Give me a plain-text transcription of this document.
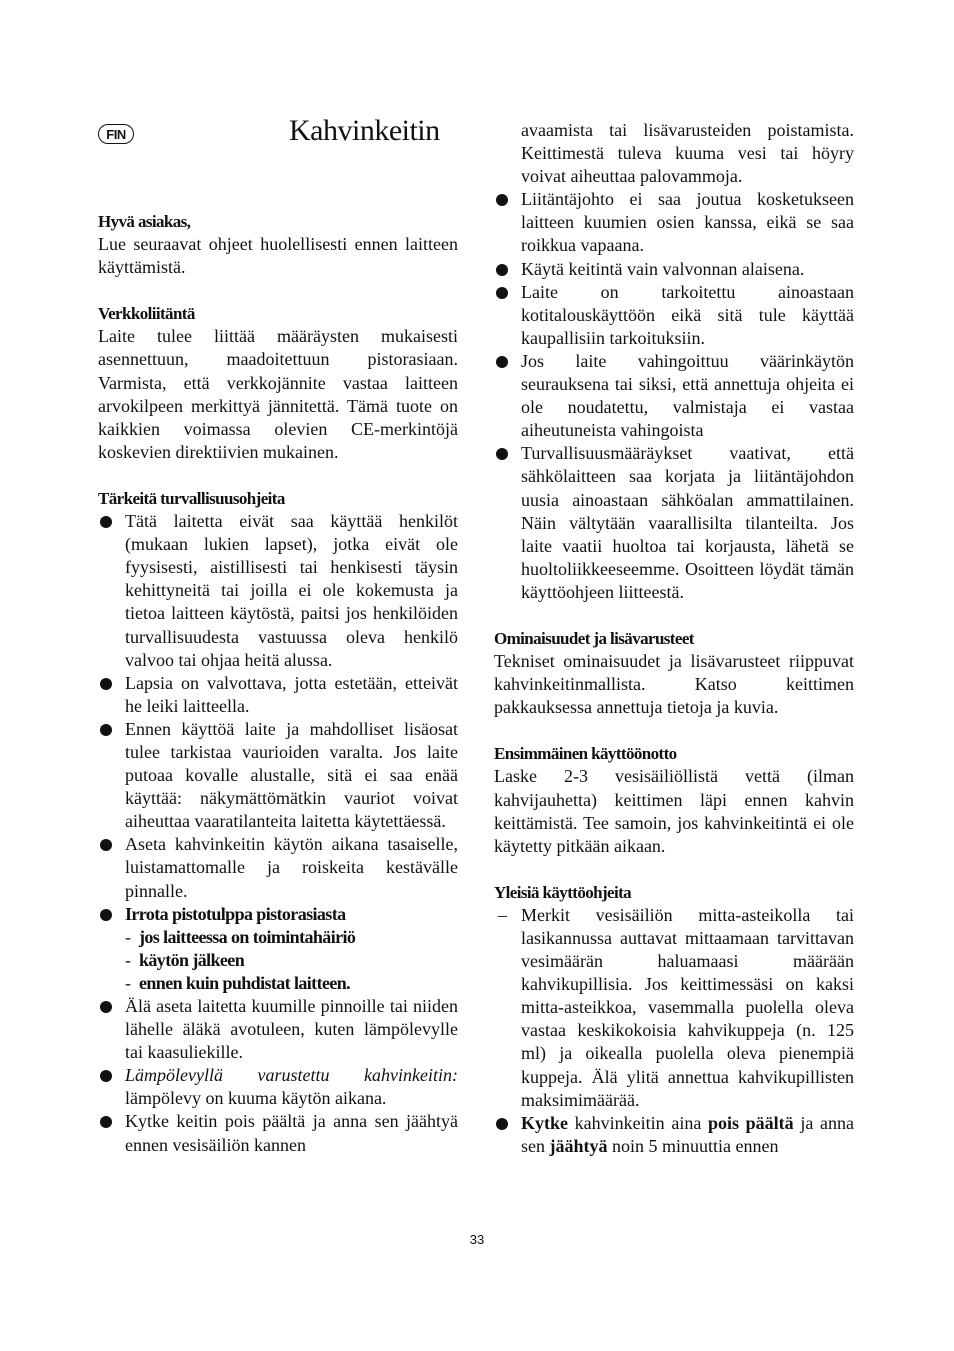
FIN	Kahvinkeitin
Hyvä asiakas,
Lue seuraavat ohjeet huolellisesti ennen laitteen käyttämistä.
Verkkoliitäntä
Laite tulee liittää määräysten mukaisesti asennettuun, maadoitettuun pistorasiaan. Varmista, että verkkojännite vastaa laitteen arvokilpeen merkittyä jännitettä. Tämä tuote on kaikkien voimassa olevien CE-merkintöjä koskevien direktiivien mukainen.
Tärkeitä turvallisuusohjeita
Tätä laitetta eivät saa käyttää henkilöt (mukaan lukien lapset), jotka eivät ole fyysisesti, aistillisesti tai henkisesti täysin kehittyneitä tai joilla ei ole kokemusta ja tietoa laitteen käytöstä, paitsi jos henkilöiden turvallisuudesta vastuussa oleva henkilö valvoo tai ohjaa heitä alussa.
Lapsia on valvottava, jotta estetään, etteivät he leiki laitteella.
Ennen käyttöä laite ja mahdolliset lisäosat tulee tarkistaa vaurioiden varalta. Jos laite putoaa kovalle alustalle, sitä ei saa enää käyttää: näkymättömätkin vauriot voivat aiheuttaa vaaratilanteita laitetta käytettäessä.
Aseta kahvinkeitin käytön aikana tasaiselle, luistamattomalle ja roiskeita kestävälle pinnalle.
Irrota pistotulppa pistorasiasta
- jos laitteessa on toimintahäiriö
- käytön jälkeen
- ennen kuin puhdistat laitteen.
Älä aseta laitetta kuumille pinnoille tai niiden lähelle äläkä avotuleen, kuten lämpölevylle tai kaasuliekille.
Lämpölevyllä varustettu kahvinkeitin: lämpölevy on kuuma käytön aikana.
Kytke keitin pois päältä ja anna sen jäähtyä ennen vesisäiliön kannen
avaamista tai lisävarusteiden poistamista. Keittimestä tuleva kuuma vesi tai höyry voivat aiheuttaa palovammoja.
Liitäntäjohto ei saa joutua kosketukseen laitteen kuumien osien kanssa, eikä se saa roikkua vapaana.
Käytä keitintä vain valvonnan alaisena.
Laite on tarkoitettu ainoastaan kotitalouskäyttöön eikä sitä tule käyttää kaupallisiin tarkoituksiin.
Jos laite vahingoittuu väärinkäytön seurauksena tai siksi, että annettuja ohjeita ei ole noudatettu, valmistaja ei vastaa aiheutuneista vahingoista
Turvallisuusmääräykset vaativat, että sähkölaitteen saa korjata ja liitäntäjohdon uusia ainoastaan sähköalan ammattilainen. Näin vältytään vaarallisilta tilanteilta. Jos laite vaatii huoltoa tai korjausta, lähetä se huoltoliikkeeseemme. Osoitteen löydät tämän käyttöohjeen liitteestä.
Ominaisuudet ja lisävarusteet
Tekniset ominaisuudet ja lisävarusteet riippuvat kahvinkeitinmallista. Katso keittimen pakkauksessa annettuja tietoja ja kuvia.
Ensimmäinen käyttöönotto
Laske 2-3 vesisäiliöllistä vettä (ilman kahvijauhetta) keittimen läpi ennen kahvin keittämistä. Tee samoin, jos kahvinkeitintä ei ole käytetty pitkään aikaan.
Yleisiä käyttöohjeita
– Merkit vesisäiliön mitta-asteikolla tai lasikannussa auttavat mittaamaan tarvittavan vesimäärän haluamaasi määrään kahvikupillisia. Jos keittimessäsi on kaksi mitta-asteikkoa, vasemmalla puolella oleva vastaa keskikokoisia kahvikuppeja (n. 125 ml) ja oikealla puolella oleva pienempiä kuppeja. Älä ylitä annettua kahvikupillisten maksimimäärää.
Kytke kahvinkeitin aina pois päältä ja anna sen jäähtyä noin 5 minuuttia ennen
33
